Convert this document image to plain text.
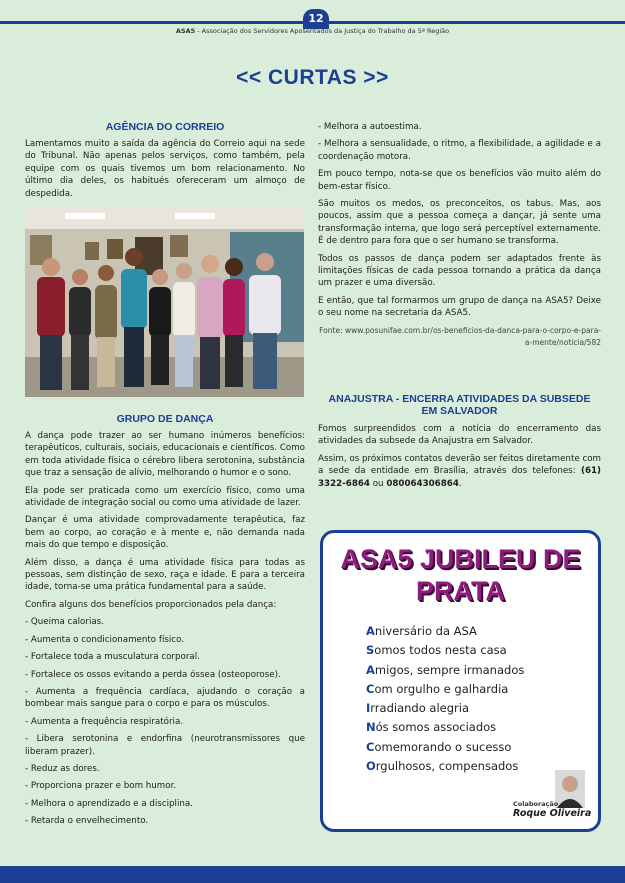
12
ASA5 - Associação dos Servidores Aposentados da Justiça do Trabalho da 5ª Região
<< CURTAS >>
AGÊNCIA DO CORREIO

Lamentamos muito a saída da agência do Correio aqui na sede do Tribunal. Não apenas pelos serviços, como também, pela equipe com os quais tivemos um bom relacionamento. No último dia deles, os habitués ofereceram um almoço de despedida.

GRUPO DE DANÇA

A dança pode trazer ao ser humano inúmeros benefícios: terapêuticos, culturais, sociais, educacionais e científicos. Como em toda atividade física o cérebro libera serotonina, substância que traz a sensação de alívio, melhorando o humor e o sono.

Ela pode ser praticada como um exercício físico, como uma atividade de integração social ou como uma atividade de lazer.

Dançar é uma atividade comprovadamente terapêutica, faz bem ao corpo, ao coração e à mente e, não demanda nada mais do que tempo e disposição.

Além disso, a dança é uma atividade física para todas as pessoas, sem distinção de sexo, raça e idade. E para a terceira idade, torna-se uma prática fundamental para a saúde.

Confira alguns dos benefícios proporcionados pela dança:

- Queima calorias.

- Aumenta o condicionamento físico.

- Fortalece toda a musculatura corporal.

- Fortalece os ossos evitando a perda óssea (osteoporose).

- Aumenta a frequência cardíaca, ajudando o coração a bombear mais sangue para o corpo e para os músculos.

- Aumenta a frequência respiratória.

- Libera serotonina e endorfina (neurotransmissores que liberam prazer).

- Reduz as dores.

- Proporciona prazer e bom humor.

- Melhora o aprendizado e a disciplina.

- Retarda o envelhecimento.

- Melhora a autoestima.

- Melhora a sensualidade, o ritmo, a flexibilidade, a agilidade e a coordenação motora.

Em pouco tempo, nota-se que os benefícios vão muito além do bem-estar físico.

São muitos os medos, os preconceitos, os tabus. Mas, aos poucos, assim que a pessoa começa a dançar, já sente uma transformação interna, que logo será perceptível externamente. É de dentro para fora que o ser humano se transforma.

Todos os passos de dança podem ser adaptados frente às limitações físicas de cada pessoa tornando a prática da dança um prazer e uma diversão.

E então, que tal formarmos um grupo de dança na ASA5? Deixe o seu nome na secretaria da ASA5.

Fonte: www.posunifae.com.br/os-beneficios-da-danca-para-o-corpo-e-para-a-mente/noticia/582

ANAJUSTRA - ENCERRA ATIVIDADES DA SUBSEDE EM SALVADOR

Fomos surpreendidos com a notícia do encerramento das atividades da subsede da Anajustra em Salvador.

Assim, os próximos contatos deverão ser feitos diretamente com a sede da entidade em Brasília, através dos telefones: (61) 3322-6864 ou 080064306864.

ASA5 JUBILEU DE PRATA
Aniversário da ASA
Somos todos nesta casa
Amigos, sempre irmanados
Com orgulho e galhardia
Irradiando alegria
Nós somos associados
Comemorando o sucesso
Orgulhosos, compensados
Colaboração
Roque Oliveira
